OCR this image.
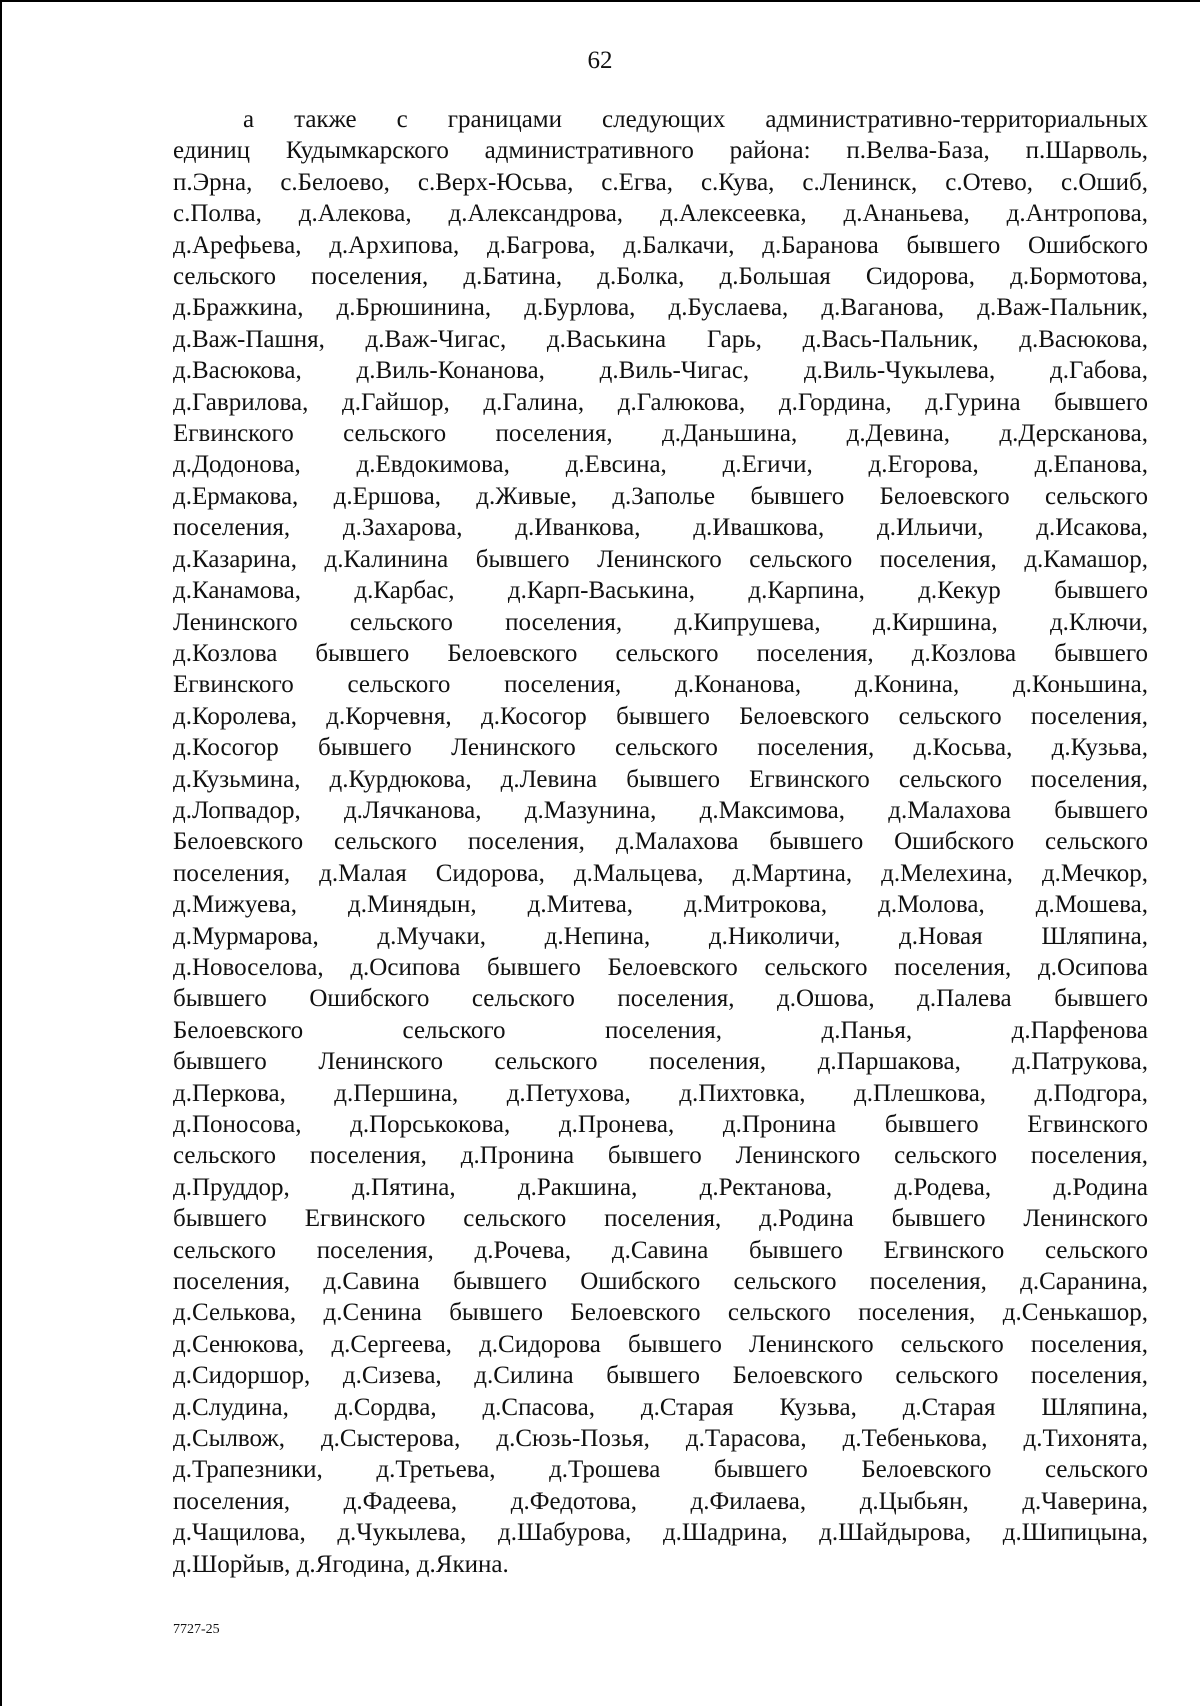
62
а также с границами следующих административно-территориальных
единиц Кудымкарского административного района: п.Велва-База, п.Шарволь,
п.Эрна, с.Белоево, с.Верх-Юсьва, с.Егва, с.Кува, с.Ленинск, с.Отево, с.Ошиб,
с.Полва, д.Алекова, д.Александрова, д.Алексеевка, д.Ананьева, д.Антропова,
д.Арефьева, д.Архипова, д.Багрова, д.Балкачи, д.Баранова бывшего Ошибского
сельского поселения, д.Батина, д.Болка, д.Большая Сидорова, д.Бормотова,
д.Бражкина, д.Брюшинина, д.Бурлова, д.Буслаева, д.Ваганова, д.Важ-Пальник,
д.Важ-Пашня, д.Важ-Чигас, д.Васькина Гарь, д.Вась-Пальник, д.Васюкова,
д.Васюкова, д.Виль-Конанова, д.Виль-Чигас, д.Виль-Чукылева, д.Габова,
д.Гаврилова, д.Гайшор, д.Галина, д.Галюкова, д.Гордина, д.Гурина бывшего
Егвинского сельского поселения, д.Даньшина, д.Девина, д.Дерсканова,
д.Додонова, д.Евдокимова, д.Евсина, д.Егичи, д.Егорова, д.Епанова,
д.Ермакова, д.Ершова, д.Живые, д.Заполье бывшего Белоевского сельского
поселения, д.Захарова, д.Иванкова, д.Ивашкова, д.Ильичи, д.Исакова,
д.Казарина, д.Калинина бывшего Ленинского сельского поселения, д.Камашор,
д.Канамова, д.Карбас, д.Карп-Васькина, д.Карпина, д.Кекур бывшего
Ленинского сельского поселения, д.Кипрушева, д.Киршина, д.Ключи,
д.Козлова бывшего Белоевского сельского поселения, д.Козлова бывшего
Егвинского сельского поселения, д.Конанова, д.Конина, д.Коньшина,
д.Королева, д.Корчевня, д.Косогор бывшего Белоевского сельского поселения,
д.Косогор бывшего Ленинского сельского поселения, д.Косьва, д.Кузьва,
д.Кузьмина, д.Курдюкова, д.Левина бывшего Егвинского сельского поселения,
д.Лопвадор, д.Лячканова, д.Мазунина, д.Максимова, д.Малахова бывшего
Белоевского сельского поселения, д.Малахова бывшего Ошибского сельского
поселения, д.Малая Сидорова, д.Мальцева, д.Мартина, д.Мелехина, д.Мечкор,
д.Мижуева, д.Минядын, д.Митева, д.Митрокова, д.Молова, д.Мошева,
д.Мурмарова, д.Мучаки, д.Непина, д.Николичи, д.Новая Шляпина,
д.Новоселова, д.Осипова бывшего Белоевского сельского поселения, д.Осипова
бывшего Ошибского сельского поселения, д.Ошова, д.Палева бывшего
Белоевского сельского поселения, д.Панья, д.Парфенова
бывшего Ленинского сельского поселения, д.Паршакова, д.Патрукова,
д.Перкова, д.Першина, д.Петухова, д.Пихтовка, д.Плешкова, д.Подгора,
д.Поносова, д.Порськокова, д.Пронева, д.Пронина бывшего Егвинского
сельского поселения, д.Пронина бывшего Ленинского сельского поселения,
д.Пруддор, д.Пятина, д.Ракшина, д.Ректанова, д.Родева, д.Родина
бывшего Егвинского сельского поселения, д.Родина бывшего Ленинского
сельского поселения, д.Рочева, д.Савина бывшего Егвинского сельского
поселения, д.Савина бывшего Ошибского сельского поселения, д.Саранина,
д.Селькова, д.Сенина бывшего Белоевского сельского поселения, д.Сенькашор,
д.Сенюкова, д.Сергеева, д.Сидорова бывшего Ленинского сельского поселения,
д.Сидоршор, д.Сизева, д.Силина бывшего Белоевского сельского поселения,
д.Слудина, д.Сордва, д.Спасова, д.Старая Кузьва, д.Старая Шляпина,
д.Сылвож, д.Сыстерова, д.Сюзь-Позья, д.Тарасова, д.Тебенькова, д.Тихонята,
д.Трапезники, д.Третьева, д.Трошева бывшего Белоевского сельского
поселения, д.Фадеева, д.Федотова, д.Филаева, д.Цыбьян, д.Чаверина,
д.Чащилова, д.Чукылева, д.Шабурова, д.Шадрина, д.Шайдырова, д.Шипицына,
д.Шорйыв, д.Ягодина, д.Якина.
7727-25
